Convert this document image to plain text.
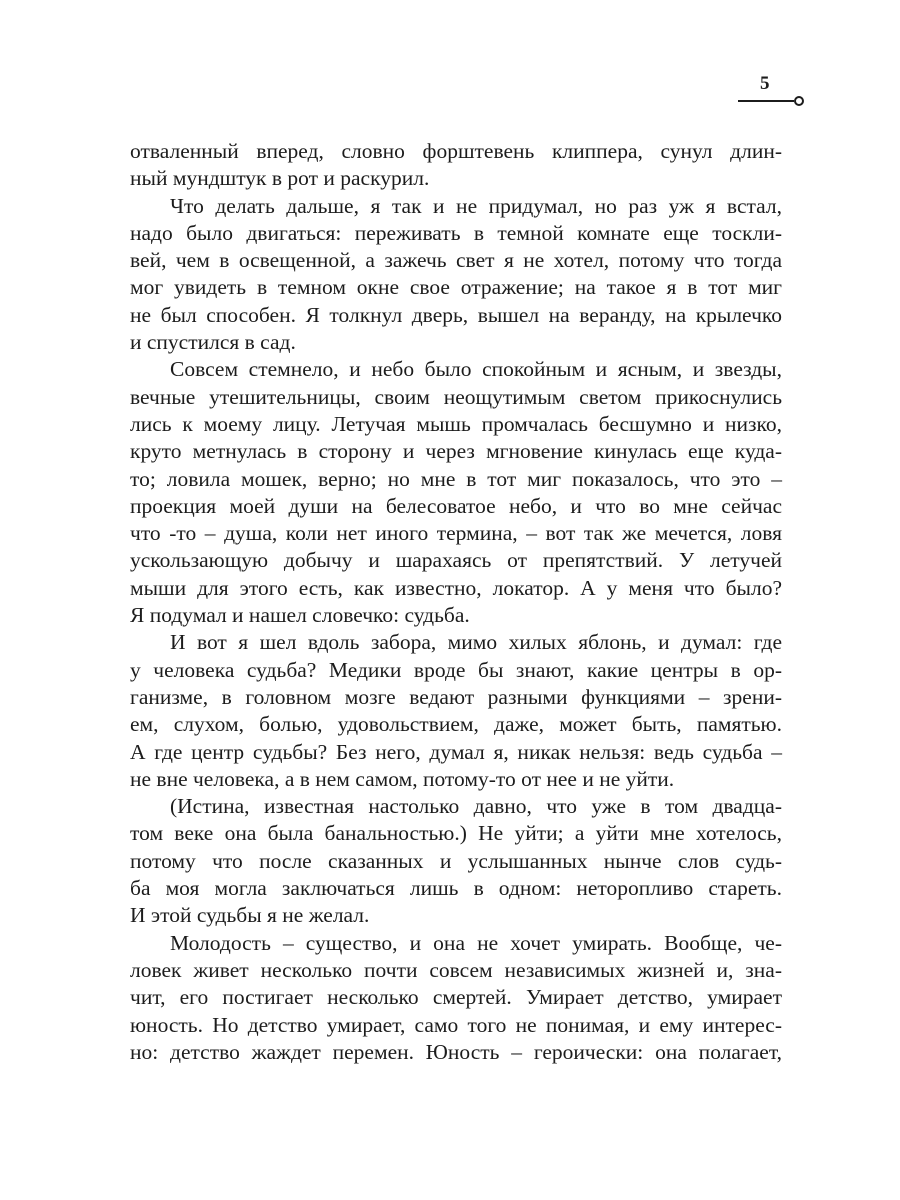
5
отваленный вперед, словно форштевень клиппера, сунул длин-
ный мундштук в рот и раскурил.
Что делать дальше, я так и не придумал, но раз уж я встал,
надо было двигаться: переживать в темной комнате еще тоскли-
вей, чем в освещенной, а зажечь свет я не хотел, потому что тогда
мог увидеть в темном окне свое отражение; на такое я в тот миг
не был способен. Я толкнул дверь, вышел на веранду, на крылечко
и спустился в сад.
Совсем стемнело, и небо было спокойным и ясным, и звезды,
вечные утешительницы, своим неощутимым светом прикоснулись
лись к моему лицу. Летучая мышь промчалась бесшумно и низко,
круто метнулась в сторону и через мгновение кинулась еще куда-
то; ловила мошек, верно; но мне в тот миг показалось, что это –
проекция моей души на белесоватое небо, и что во мне сейчас
что -то – душа, коли нет иного термина, – вот так же мечется, ловя
ускользающую добычу и шарахаясь от препятствий. У летучей
мыши для этого есть, как известно, локатор. А у меня что было?
Я подумал и нашел словечко: судьба.
И вот я шел вдоль забора, мимо хилых яблонь, и думал: где
у человека судьба? Медики вроде бы знают, какие центры в ор-
ганизме, в головном мозге ведают разными функциями – зрени-
ем, слухом, болью, удовольствием, даже, может быть, памятью.
А где центр судьбы? Без него, думал я, никак нельзя: ведь судьба –
не вне человека, а в нем самом, потому-то от нее и не уйти.
(Истина, известная настолько давно, что уже в том двадца-
том веке она была банальностью.) Не уйти; а уйти мне хотелось,
потому что после сказанных и услышанных нынче слов судь-
ба моя могла заключаться лишь в одном: неторопливо стареть.
И этой судьбы я не желал.
Молодость – существо, и она не хочет умирать. Вообще, че-
ловек живет несколько почти совсем независимых жизней и, зна-
чит, его постигает несколько смертей. Умирает детство, умирает
юность. Но детство умирает, само того не понимая, и ему интерес-
но: детство жаждет перемен. Юность – героически: она полагает,
